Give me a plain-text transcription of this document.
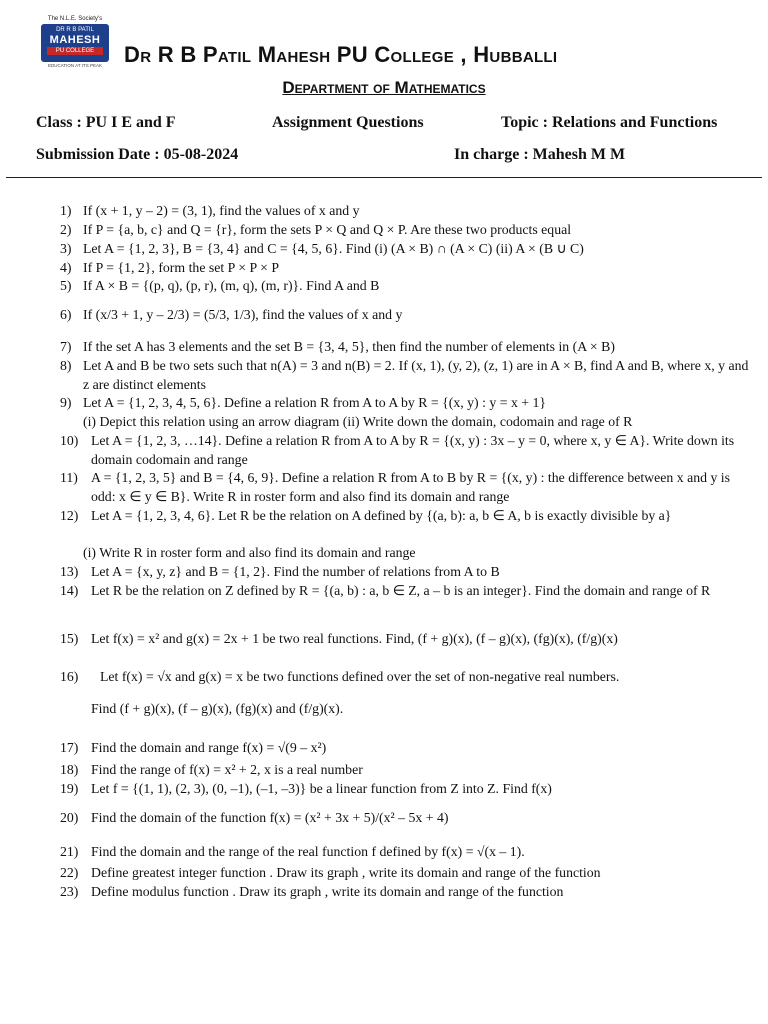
The N.L.E. Society's
DR R B PATIL
MAHESH
PU COLLEGE
EDUCATION AT ITS PEAK	Dr R B Patil Mahesh PU College , Hubballi
Department of Mathematics
Class : PU I E and F	Assignment Questions	Topic : Relations and Functions
Submission Date : 05-08-2024	In charge : Mahesh M M
1) If (x + 1, y – 2) = (3, 1), find the values of x and y
2) If P = {a, b, c} and Q = {r}, form the sets P × Q and Q × P. Are these two products equal
3) Let A = {1, 2, 3}, B = {3, 4} and C = {4, 5, 6}. Find (i) (A × B) ∩ (A × C) (ii) A × (B ∪ C)
4) If P = {1, 2}, form the set P × P × P
5) If A × B = {(p, q), (p, r), (m, q), (m, r)}. Find A and B
6) If (x/3 + 1, y – 2/3) = (5/3, 1/3), find the values of x and y
7) If the set A has 3 elements and the set B = {3, 4, 5}, then find the number of elements in (A × B)
8) Let A and B be two sets such that n(A) = 3 and n(B) = 2. If (x, 1), (y, 2), (z, 1) are in A × B, find A and B, where x, y and z are distinct elements
9) Let A = {1, 2, 3, 4, 5, 6}. Define a relation R from A to A by R = {(x, y) : y = x + 1}
(i) Depict this relation using an arrow diagram (ii) Write down the domain, codomain and rage of R
10) Let A = {1, 2, 3, …14}. Define a relation R from A to A by R = {(x, y) : 3x – y = 0, where x, y ∈ A}. Write down its domain codomain and range
11) A = {1, 2, 3, 5} and B = {4, 6, 9}. Define a relation R from A to B by R = {(x, y) : the difference between x and y is odd: x ∈ y ∈ B}. Write R in roster form and also find its domain and range
12) Let A = {1, 2, 3, 4, 6}. Let R be the relation on A defined by {(a, b): a, b ∈ A, b is exactly divisible by a}
(i) Write R in roster form and also find its domain and range
13) Let A = {x, y, z} and B = {1, 2}. Find the number of relations from A to B
14) Let R be the relation on Z defined by R = {(a, b) : a, b ∈ Z, a – b is an integer}. Find the domain and range of R
15) Let f(x) = x² and g(x) = 2x + 1 be two real functions. Find, (f + g)(x), (f – g)(x), (fg)(x), (f/g)(x)
16)	Let f(x) = √x and g(x) = x be two functions defined over the set of non-negative real numbers.
Find (f + g)(x), (f – g)(x), (fg)(x) and (f/g)(x).
17) Find the domain and range f(x) = √(9 – x²)
18) Find the range of f(x) = x² + 2, x is a real number
19) Let f = {(1, 1), (2, 3), (0, –1), (–1, –3)} be a linear function from Z into Z. Find f(x)
20) Find the domain of the function f(x) = (x² + 3x + 5)/(x² – 5x + 4)
21) Find the domain and the range of the real function f defined by f(x) = √(x – 1).
22) Define greatest integer function . Draw its graph , write its domain and range of the function
23) Define modulus function . Draw its graph , write its domain and range of the function
